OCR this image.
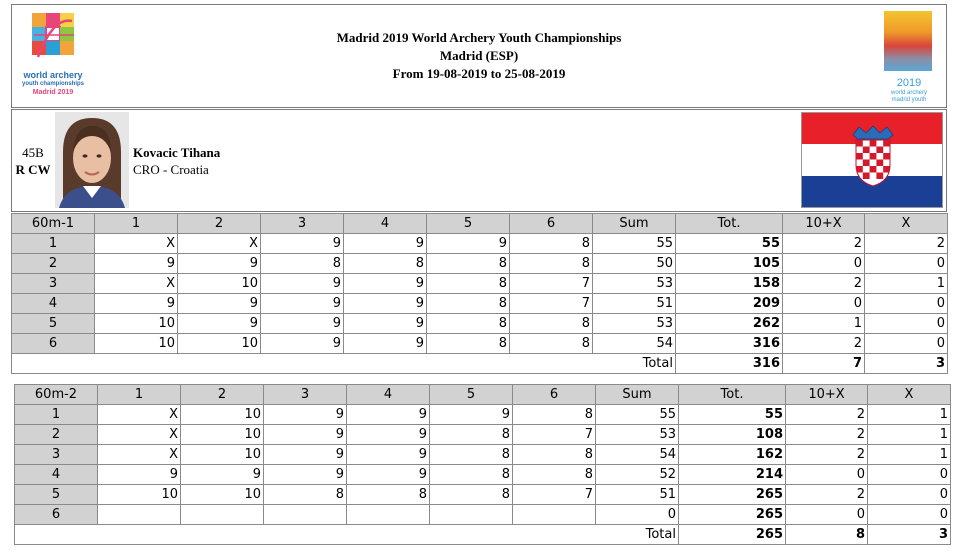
world archery
youth championships
Madrid 2019
Madrid 2019 World Archery Youth Championships
Madrid (ESP)
From 19-08-2019 to 25-08-2019
2019
world archery
madrid youth
45B
R CW
Kovacic Tihana
CRO - Croatia
60m-1	1	2	3	4	5	6	Sum	Tot.	10+X	X
1	X	X	9	9	9	8	55	55	2	2
2	9	9	8	8	8	8	50	105	0	0
3	X	10	9	9	8	7	53	158	2	1
4	9	9	9	9	8	7	51	209	0	0
5	10	9	9	9	8	8	53	262	1	0
6	10	10	9	9	8	8	54	316	2	0
Total								316	7	3
60m-2	1	2	3	4	5	6	Sum	Tot.	10+X	X
1	X	10	9	9	9	8	55	55	2	1
2	X	10	9	9	8	7	53	108	2	1
3	X	10	9	9	8	8	54	162	2	1
4	9	9	9	9	8	8	52	214	0	0
5	10	10	8	8	8	7	51	265	2	0
6							0	265	0	0
Total								265	8	3
